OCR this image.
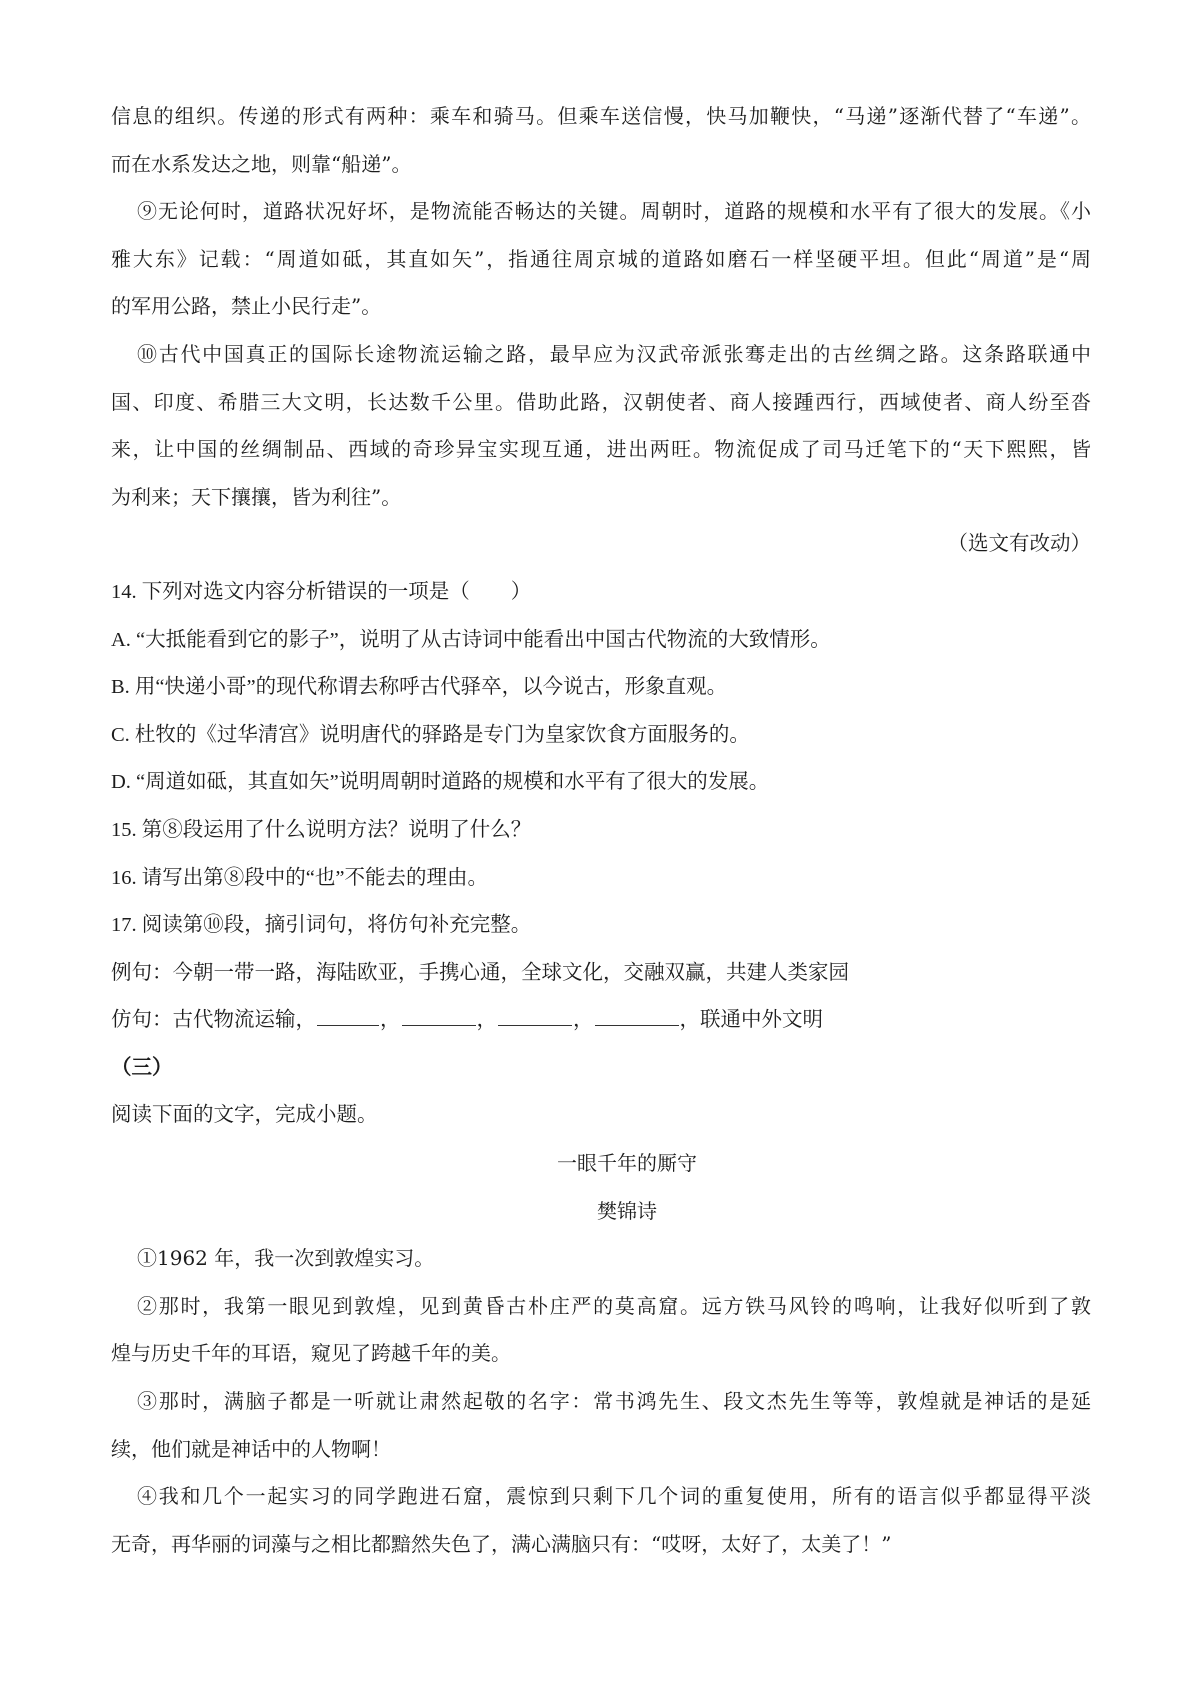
信息的组织。传递的形式有两种：乘车和骑马。但乘车送信慢，快马加鞭快，“马递”逐渐代替了“车递”。
而在水系发达之地，则靠“船递”。
⑨无论何时，道路状况好坏，是物流能否畅达的关键。周朝时，道路的规模和水平有了很大的发展。《小
雅大东》记载：“周道如砥，其直如矢”，指通往周京城的道路如磨石一样坚硬平坦。但此“周道”是“周
的军用公路，禁止小民行走”。
⑩古代中国真正的国际长途物流运输之路，最早应为汉武帝派张骞走出的古丝绸之路。这条路联通中
国、印度、希腊三大文明，长达数千公里。借助此路，汉朝使者、商人接踵西行，西域使者、商人纷至沓
来，让中国的丝绸制品、西域的奇珍异宝实现互通，进出两旺。物流促成了司马迁笔下的“天下熙熙，皆
为利来；天下攘攘，皆为利往”。
（选文有改动）
14. 下列对选文内容分析错误的一项是（　　）
A. “大抵能看到它的影子”，说明了从古诗词中能看出中国古代物流的大致情形。
B. 用“快递小哥”的现代称谓去称呼古代驿卒，以今说古，形象直观。
C. 杜牧的《过华清宫》说明唐代的驿路是专门为皇家饮食方面服务的。
D. “周道如砥，其直如矢”说明周朝时道路的规模和水平有了很大的发展。
15. 第⑧段运用了什么说明方法？说明了什么？
16. 请写出第⑧段中的“也”不能去的理由。
17. 阅读第⑩段，摘引词句，将仿句补充完整。
例句：今朝一带一路，海陆欧亚，手携心通，全球文化，交融双赢，共建人类家园
仿句：古代物流运输，	，	，	，	，联通中外文明
（三）
阅读下面的文字，完成小题。
一眼千年的厮守
樊锦诗
①1962 年，我一次到敦煌实习。
②那时，我第一眼见到敦煌，见到黄昏古朴庄严的莫高窟。远方铁马风铃的鸣响，让我好似听到了敦
煌与历史千年的耳语，窥见了跨越千年的美。
③那时，满脑子都是一听就让肃然起敬的名字：常书鸿先生、段文杰先生等等，敦煌就是神话的是延
续，他们就是神话中的人物啊！
④我和几个一起实习的同学跑进石窟，震惊到只剩下几个词的重复使用，所有的语言似乎都显得平淡
无奇，再华丽的词藻与之相比都黯然失色了，满心满脑只有：“哎呀，太好了，太美了！”
